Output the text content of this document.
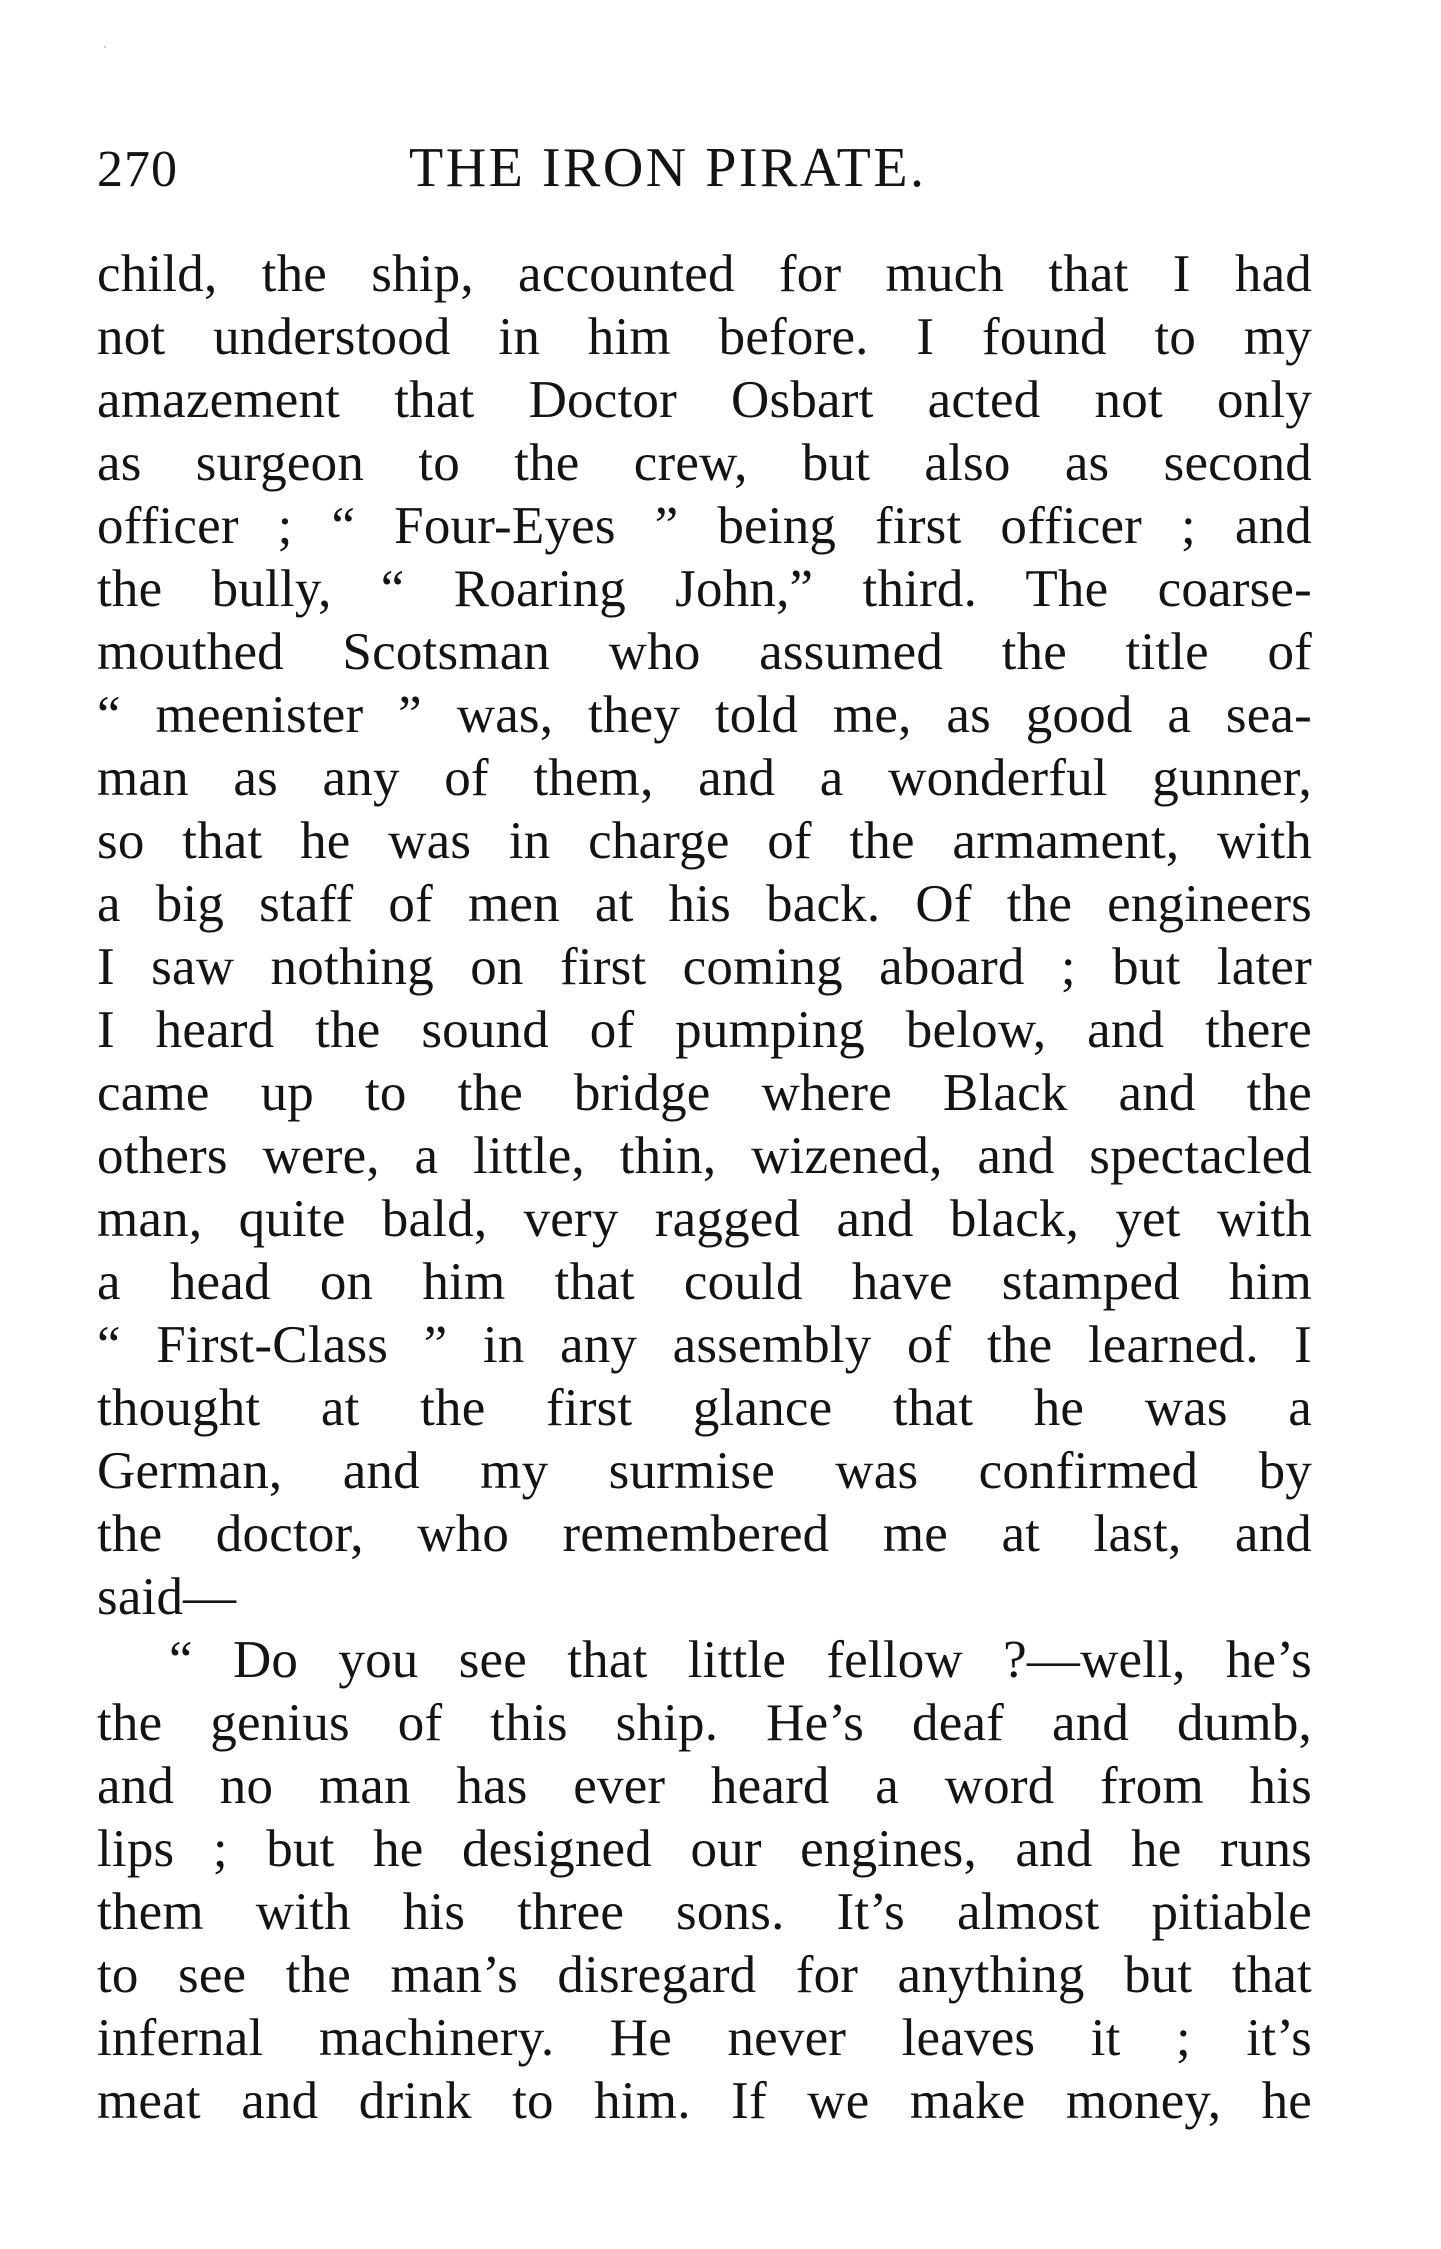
270	THE IRON PIRATE.
child, the ship, accounted for much that I had
not understood in him before. I found to my
amazement that Doctor Osbart acted not only
as surgeon to the crew, but also as second
officer ; “ Four-Eyes ” being first officer ; and
the bully, “ Roaring John,” third. The coarse-
mouthed Scotsman who assumed the title of
“ meenister ” was, they told me, as good a sea-
man as any of them, and a wonderful gunner,
so that he was in charge of the armament, with
a big staff of men at his back. Of the engineers
I saw nothing on first coming aboard ; but later
I heard the sound of pumping below, and there
came up to the bridge where Black and the
others were, a little, thin, wizened, and spectacled
man, quite bald, very ragged and black, yet with
a head on him that could have stamped him
“ First-Class ” in any assembly of the learned. I
thought at the first glance that he was a
German, and my surmise was confirmed by
the doctor, who remembered me at last, and
said—
“ Do you see that little fellow ?—well, he’s
the genius of this ship. He’s deaf and dumb,
and no man has ever heard a word from his
lips ; but he designed our engines, and he runs
them with his three sons. It’s almost pitiable
to see the man’s disregard for anything but that
infernal machinery. He never leaves it ; it’s
meat and drink to him. If we make money, he
